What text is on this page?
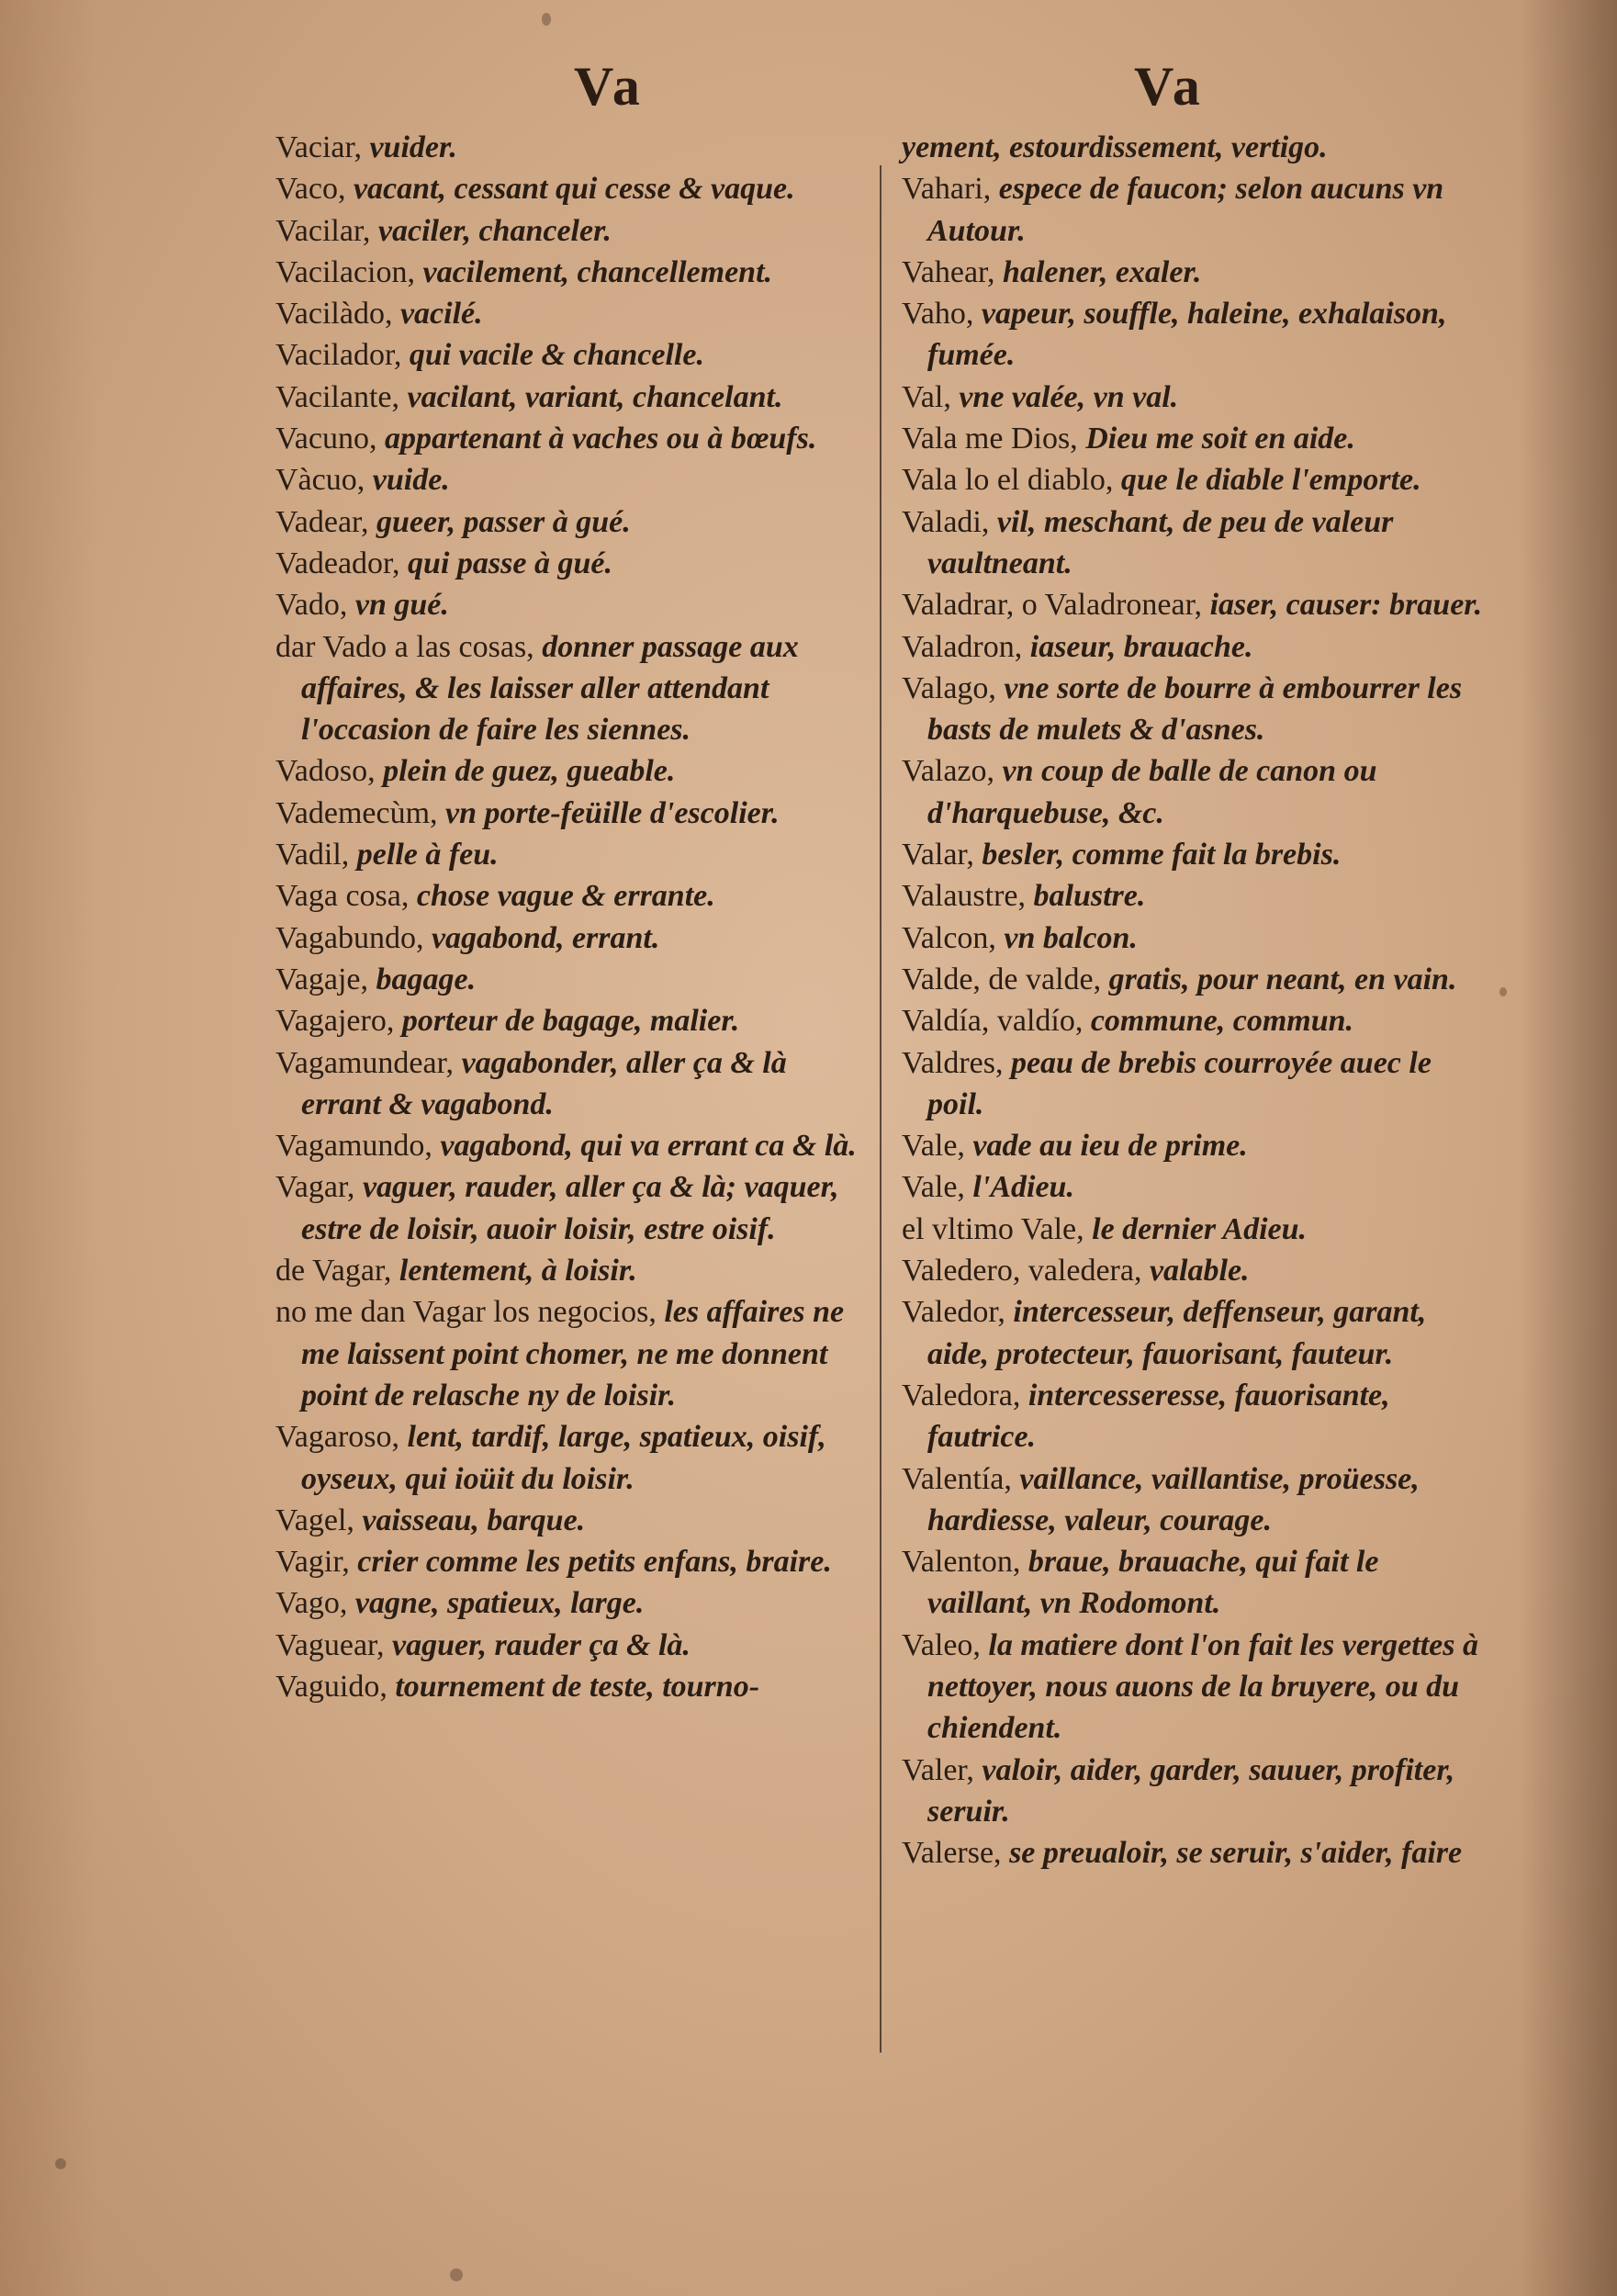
Va	Va

Vaciar, vuider.

Vaco, vacant, cessant qui cesse & vaque.

Vacilar, vaciler, chanceler.

Vacilacion, vacilement, chancellement.

Vacilàdo, vacilé.

Vacilador, qui vacile & chancelle.

Vacilante, vacilant, variant, chancelant.

Vacuno, appartenant à vaches ou à bœufs.

Vàcuo, vuide.

Vadear, gueer, passer à gué.

Vadeador, qui passe à gué.

Vado, vn gué.

dar Vado a las cosas, donner passage aux affaires, & les laisser aller attendant l'occasion de faire les siennes.

Vadoso, plein de guez, gueable.

Vademecùm, vn porte-feüille d'escolier.

Vadil, pelle à feu.

Vaga cosa, chose vague & errante.

Vagabundo, vagabond, errant.

Vagaje, bagage.

Vagajero, porteur de bagage, malier.

Vagamundear, vagabonder, aller ça & là errant & vagabond.

Vagamundo, vagabond, qui va errant ca & là.

Vagar, vaguer, rauder, aller ça & là; vaquer, estre de loisir, auoir loisir, estre oisif.

de Vagar, lentement, à loisir.

no me dan Vagar los negocios, les affaires ne me laissent point chomer, ne me donnent point de relasche ny de loisir.

Vagaroso, lent, tardif, large, spatieux, oisif, oyseux, qui ioüit du loisir.

Vagel, vaisseau, barque.

Vagir, crier comme les petits enfans, braire.

Vago, vagne, spatieux, large.

Vaguear, vaguer, rauder ça & là.

Vaguido, tournement de teste, tourno-

yement, estourdissement, vertigo.

Vahari, espece de faucon; selon aucuns vn Autour.

Vahear, halener, exaler.

Vaho, vapeur, souffle, haleine, exhalaison, fumée.

Val, vne valée, vn val.

Vala me Dios, Dieu me soit en aide.

Vala lo el diablo, que le diable l'emporte.

Valadi, vil, meschant, de peu de valeur vaultneant.

Valadrar, o Valadronear, iaser, causer: brauer.

Valadron, iaseur, brauache.

Valago, vne sorte de bourre à embourrer les basts de mulets & d'asnes.

Valazo, vn coup de balle de canon ou d'harquebuse, &c.

Valar, besler, comme fait la brebis.

Valaustre, balustre.

Valcon, vn balcon.

Valde, de valde, gratis, pour neant, en vain.

Valdía, valdío, commune, commun.

Valdres, peau de brebis courroyée auec le poil.

Vale, vade au ieu de prime.

Vale, l'Adieu.

el vltimo Vale, le dernier Adieu.

Valedero, valedera, valable.

Valedor, intercesseur, deffenseur, garant, aide, protecteur, fauorisant, fauteur.

Valedora, intercesseresse, fauorisante, fautrice.

Valentía, vaillance, vaillantise, proüesse, hardiesse, valeur, courage.

Valenton, braue, brauache, qui fait le vaillant, vn Rodomont.

Valeo, la matiere dont l'on fait les vergettes à nettoyer, nous auons de la bruyere, ou du chiendent.

Valer, valoir, aider, garder, sauuer, profiter, seruir.

Valerse, se preualoir, se seruir, s'aider, faire
